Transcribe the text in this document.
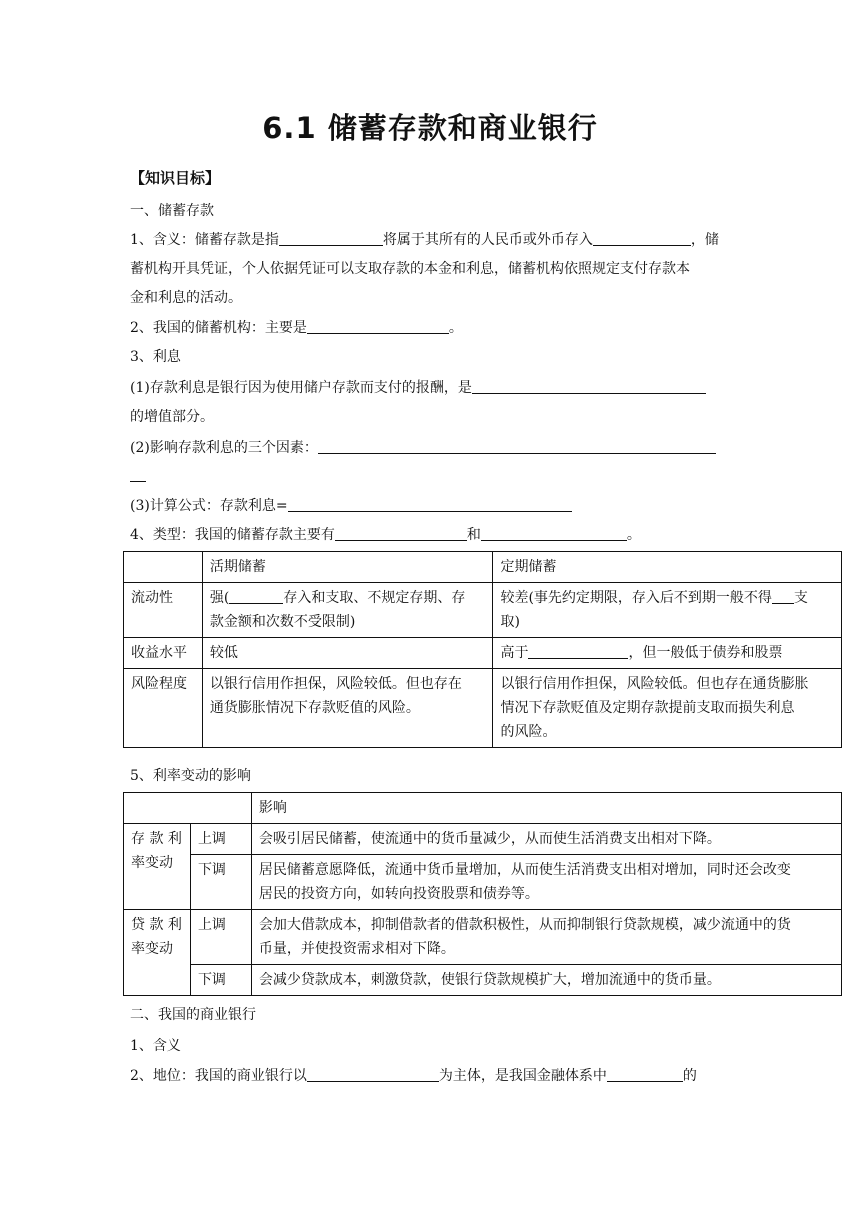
6.1 储蓄存款和商业银行
【知识目标】
一、储蓄存款
1、含义：储蓄存款是指	将属于其所有的人民币或外币存入	，储
蓄机构开具凭证，个人依据凭证可以支取存款的本金和利息，储蓄机构依照规定支付存款本
金和利息的活动。
2、我国的储蓄机构：主要是	。
3、利息
(1)存款利息是银行因为使用储户存款而支付的报酬，是
的增值部分。
(2)影响存款利息的三个因素：
(3)计算公式：存款利息=
4、类型：我国的储蓄存款主要有	和	。
	活期储蓄	定期储蓄
流动性	强( 存入和支取、不规定存期、存
款金额和次数不受限制)	较差(事先约定期限，存入后不到期一般不得 支
取)
收益水平	较低	高于 ，但一般低于债券和股票
风险程度	以银行信用作担保，风险较低。但也存在
通货膨胀情况下存款贬值的风险。	以银行信用作担保，风险较低。但也存在通货膨胀
情况下存款贬值及定期存款提前支取而损失利息
的风险。
5、利率变动的影响
		影响
存 款 利
率变动	上调	会吸引居民储蓄，使流通中的货币量减少，从而使生活消费支出相对下降。
	下调	居民储蓄意愿降低，流通中货币量增加，从而使生活消费支出相对增加，同时还会改变
居民的投资方向，如转向投资股票和债券等。
贷 款 利
率变动	上调	会加大借款成本，抑制借款者的借款积极性，从而抑制银行贷款规模，减少流通中的货
币量，并使投资需求相对下降。
	下调	会减少贷款成本，刺激贷款，使银行贷款规模扩大，增加流通中的货币量。
二、我国的商业银行
1、含义
2、地位：我国的商业银行以	为主体，是我国金融体系中	的
